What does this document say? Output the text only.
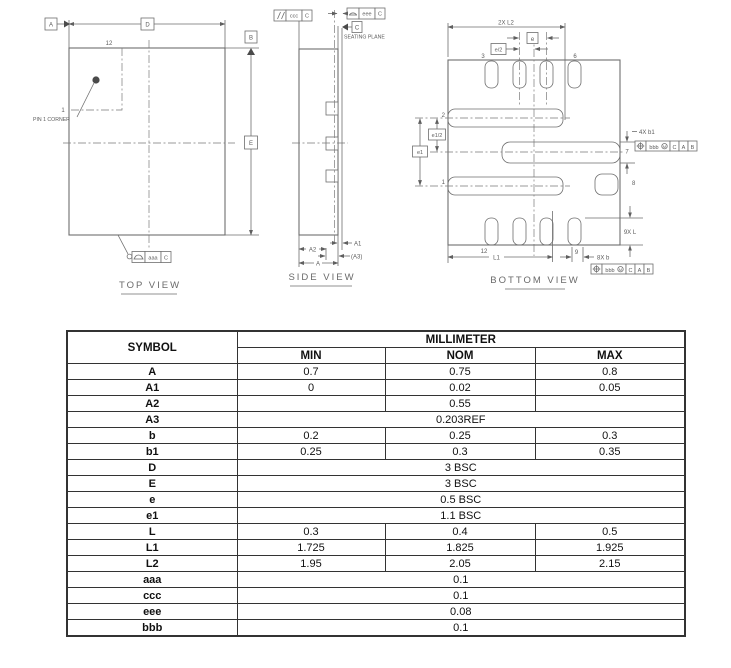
12
1
PIN 1 CORNER
A	D
B
E
aaa C
TOP VIEW
ccc C	eee C
C
SEATING PLANE
A1
A2
(A3)
A
SIDE VIEW
2X L2
e
e/2
e1/2
e1
3	6
2
1
7
8
12	9
L1
9X L
4X b1
8X b
bbb M C A B
bbb M C A B
BOTTOM VIEW
SYMBOL	MILLIMETER		
	MIN	NOM	MAX
A	0.7	0.75	0.8
A1	0	0.02	0.05
A2		0.55	
A3	0.203REF		
b	0.2	0.25	0.3
b1	0.25	0.3	0.35
D	3 BSC		
E	3 BSC		
e	0.5 BSC		
e1	1.1 BSC		
L	0.3	0.4	0.5
L1	1.725	1.825	1.925
L2	1.95	2.05	2.15
aaa	0.1		
ccc	0.1		
eee	0.08		
bbb	0.1		
